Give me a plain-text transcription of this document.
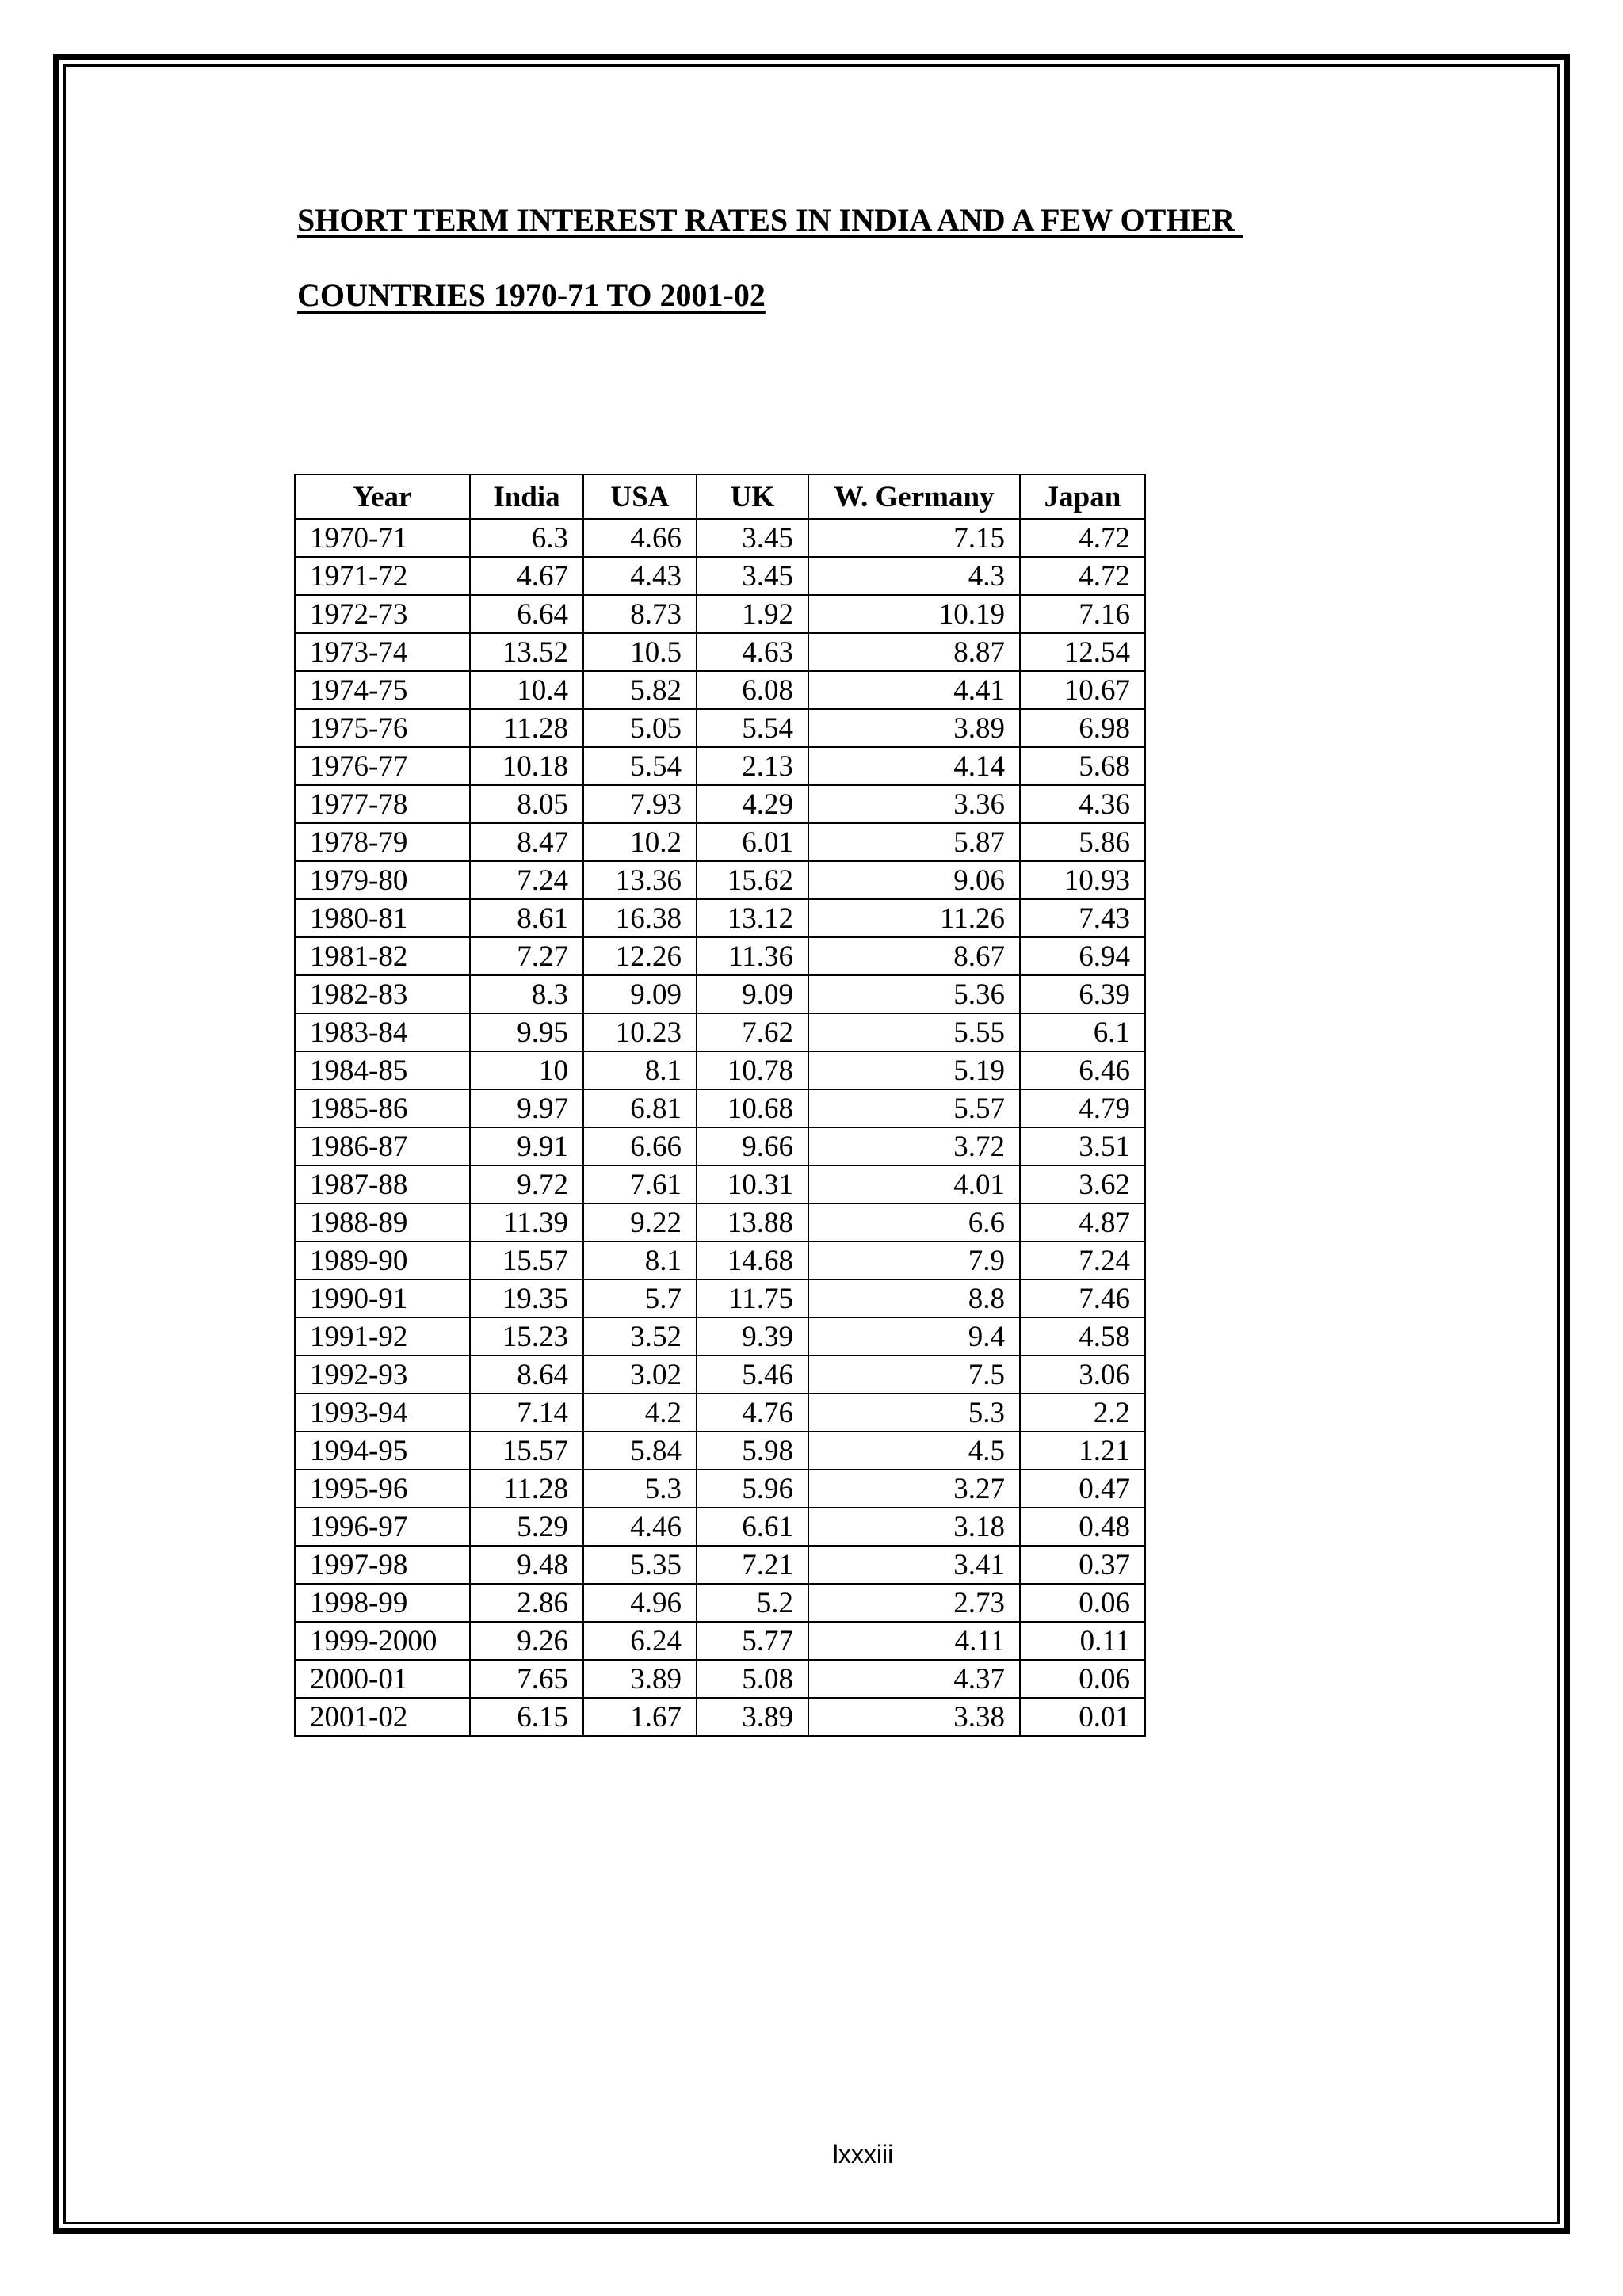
SHORT TERM INTEREST RATES IN INDIA AND A FEW OTHER
COUNTRIES 1970-71 TO 2001-02
Year	India	USA	UK	W. Germany	Japan
1970-71	6.3	4.66	3.45	7.15	4.72
1971-72	4.67	4.43	3.45	4.3	4.72
1972-73	6.64	8.73	1.92	10.19	7.16
1973-74	13.52	10.5	4.63	8.87	12.54
1974-75	10.4	5.82	6.08	4.41	10.67
1975-76	11.28	5.05	5.54	3.89	6.98
1976-77	10.18	5.54	2.13	4.14	5.68
1977-78	8.05	7.93	4.29	3.36	4.36
1978-79	8.47	10.2	6.01	5.87	5.86
1979-80	7.24	13.36	15.62	9.06	10.93
1980-81	8.61	16.38	13.12	11.26	7.43
1981-82	7.27	12.26	11.36	8.67	6.94
1982-83	8.3	9.09	9.09	5.36	6.39
1983-84	9.95	10.23	7.62	5.55	6.1
1984-85	10	8.1	10.78	5.19	6.46
1985-86	9.97	6.81	10.68	5.57	4.79
1986-87	9.91	6.66	9.66	3.72	3.51
1987-88	9.72	7.61	10.31	4.01	3.62
1988-89	11.39	9.22	13.88	6.6	4.87
1989-90	15.57	8.1	14.68	7.9	7.24
1990-91	19.35	5.7	11.75	8.8	7.46
1991-92	15.23	3.52	9.39	9.4	4.58
1992-93	8.64	3.02	5.46	7.5	3.06
1993-94	7.14	4.2	4.76	5.3	2.2
1994-95	15.57	5.84	5.98	4.5	1.21
1995-96	11.28	5.3	5.96	3.27	0.47
1996-97	5.29	4.46	6.61	3.18	0.48
1997-98	9.48	5.35	7.21	3.41	0.37
1998-99	2.86	4.96	5.2	2.73	0.06
1999-2000	9.26	6.24	5.77	4.11	0.11
2000-01	7.65	3.89	5.08	4.37	0.06
2001-02	6.15	1.67	3.89	3.38	0.01
lxxxiii
